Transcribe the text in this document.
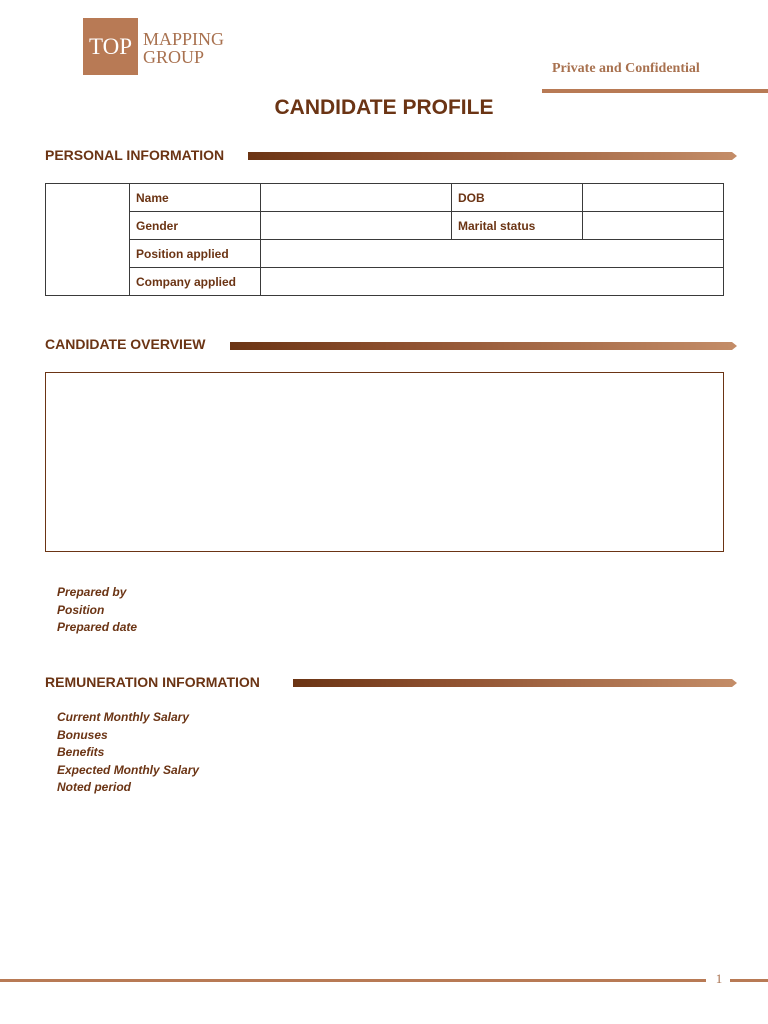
TOP MAPPING
GROUP
Private and Confidential
CANDIDATE PROFILE
PERSONAL INFORMATION
	Name		DOB	
	Gender		Marital status	
	Position applied			
	Company applied			
CANDIDATE OVERVIEW
Prepared by
Position
Prepared date
REMUNERATION INFORMATION
Current Monthly Salary
Bonuses
Benefits
Expected Monthly Salary
Noted period
1
